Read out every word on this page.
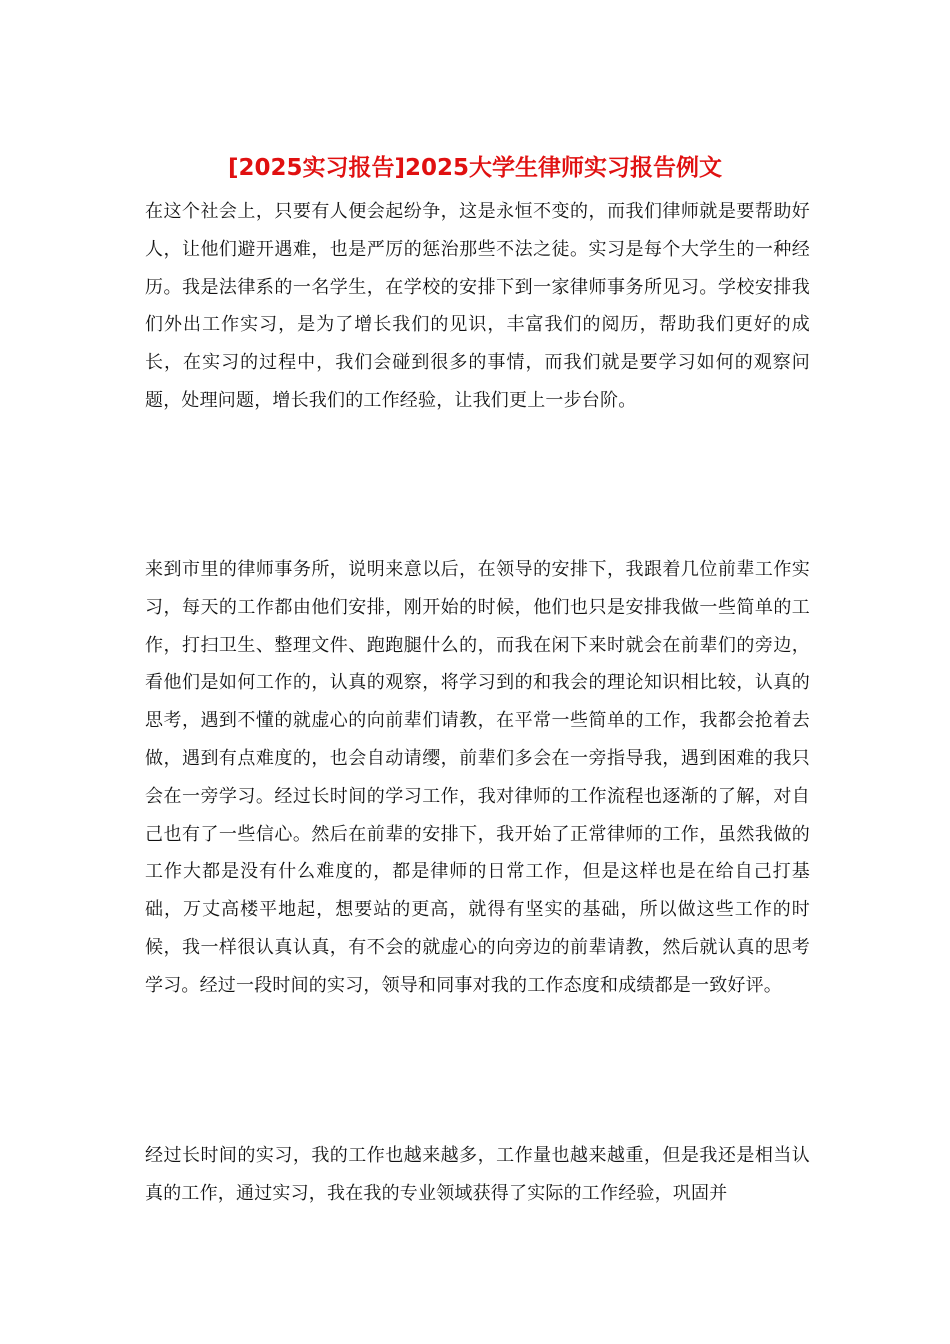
[2025实习报告]2025大学生律师实习报告例文

在这个社会上，只要有人便会起纷争，这是永恒不变的，而我们律师就是要帮助好人，让他们避开遇难，也是严厉的惩治那些不法之徒。实习是每个大学生的一种经历。我是法律系的一名学生，在学校的安排下到一家律师事务所见习。学校安排我们外出工作实习，是为了增长我们的见识，丰富我们的阅历，帮助我们更好的成长，在实习的过程中，我们会碰到很多的事情，而我们就是要学习如何的观察问题，处理问题，增长我们的工作经验，让我们更上一步台阶。

来到市里的律师事务所，说明来意以后，在领导的安排下，我跟着几位前辈工作实习，每天的工作都由他们安排，刚开始的时候，他们也只是安排我做一些简单的工作，打扫卫生、整理文件、跑跑腿什么的，而我在闲下来时就会在前辈们的旁边，看他们是如何工作的，认真的观察，将学习到的和我会的理论知识相比较，认真的思考，遇到不懂的就虚心的向前辈们请教，在平常一些简单的工作，我都会抢着去做，遇到有点难度的，也会自动请缨，前辈们多会在一旁指导我，遇到困难的我只会在一旁学习。经过长时间的学习工作，我对律师的工作流程也逐渐的了解，对自己也有了一些信心。然后在前辈的安排下，我开始了正常律师的工作，虽然我做的工作大都是没有什么难度的，都是律师的日常工作，但是这样也是在给自己打基础，万丈高楼平地起，想要站的更高，就得有坚实的基础，所以做这些工作的时候，我一样很认真认真，有不会的就虚心的向旁边的前辈请教，然后就认真的思考学习。经过一段时间的实习，领导和同事对我的工作态度和成绩都是一致好评。

经过长时间的实习，我的工作也越来越多，工作量也越来越重，但是我还是相当认真的工作，通过实习，我在我的专业领域获得了实际的工作经验，巩固并
